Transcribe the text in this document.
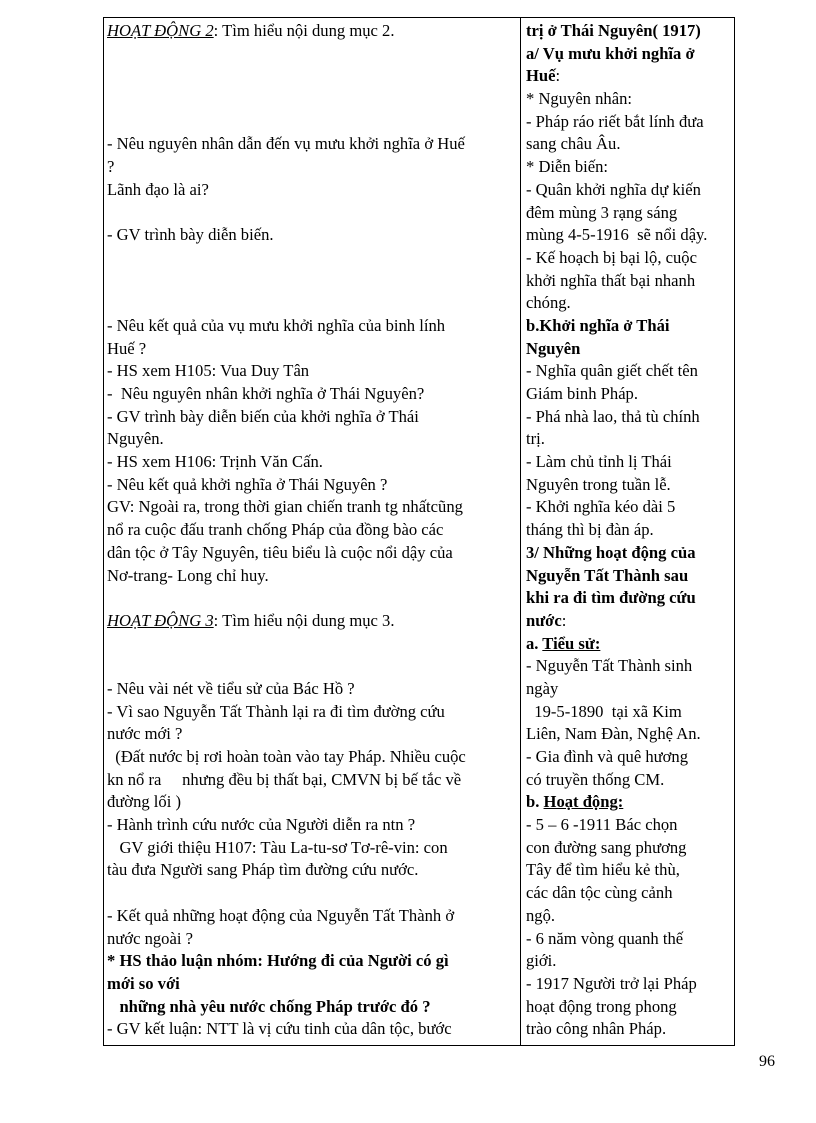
HOẠT ĐỘNG 2: Tìm hiểu nội dung mục 2.
- Nêu nguyên nhân dẫn đến vụ mưu khởi nghĩa ở Huế
?
Lãnh đạo là ai?
- GV trình bày diễn biến.
- Nêu kết quả của vụ mưu khởi nghĩa của binh lính
Huế ?
- HS xem H105: Vua Duy Tân
-  Nêu nguyên nhân khởi nghĩa ở Thái Nguyên?
- GV trình bày diễn biến của khởi nghĩa ở Thái
Nguyên.
- HS xem H106: Trịnh Văn Cấn.
- Nêu kết quả khởi nghĩa ở Thái Nguyên ?
GV: Ngoài ra, trong thời gian chiến tranh tg nhấtcũng
nổ ra cuộc đấu tranh chống Pháp của đồng bào các
dân tộc ở Tây Nguyên, tiêu biểu là cuộc nổi dậy của
Nơ-trang- Long chỉ huy.
HOẠT ĐỘNG 3: Tìm hiểu nội dung mục 3.
- Nêu vài nét về tiểu sử của Bác Hồ ?
- Vì sao Nguyễn Tất Thành lại ra đi tìm đường cứu
nước mới ?
(Đất nước bị rơi hoàn toàn vào tay Pháp. Nhiều cuộc
kn nổ ra     nhưng đều bị thất bại, CMVN bị bế tắc về
đường lối )
- Hành trình cứu nước của Người diễn ra ntn ?
GV giới thiệu H107: Tàu La-tu-sơ Tơ-rê-vin: con
tàu đưa Người sang Pháp tìm đường cứu nước.
- Kết quả những hoạt động của Nguyễn Tất Thành ở
nước ngoài ?
* HS thảo luận nhóm: Hướng đi của Người có gì
mới so với
những nhà yêu nước chống Pháp trước đó ?
- GV kết luận: NTT là vị cứu tinh của dân tộc, bước
trị ở Thái Nguyên( 1917)
a/ Vụ mưu khởi nghĩa ở
Huế:
* Nguyên nhân:
- Pháp ráo riết bắt lính đưa
sang châu Âu.
* Diễn biến:
- Quân khởi nghĩa dự kiến
đêm mùng 3 rạng sáng
mùng 4-5-1916  sẽ nổi dậy.
- Kế hoạch bị bại lộ, cuộc
khởi nghĩa thất bại nhanh
chóng.
b.Khởi nghĩa ở Thái
Nguyên
- Nghĩa quân giết chết tên
Giám binh Pháp.
- Phá nhà lao, thả tù chính
trị.
- Làm chủ tỉnh lị Thái
Nguyên trong tuần lễ.
- Khởi nghĩa kéo dài 5
tháng thì bị đàn áp.
3/ Những hoạt động của
Nguyễn Tất Thành sau
khi ra đi tìm đường cứu
nước:
a. Tiểu sử:
- Nguyễn Tất Thành sinh
ngày
19-5-1890  tại xã Kim
Liên, Nam Đàn, Nghệ An.
- Gia đình và quê hương
có truyền thống CM.
b. Hoạt động:
- 5 – 6 -1911 Bác chọn
con đường sang phương
Tây để tìm hiểu kẻ thù,
các dân tộc cùng cảnh
ngộ.
- 6 năm vòng quanh thế
giới.
- 1917 Người trở lại Pháp
hoạt động trong phong
trào công nhân Pháp.
96
